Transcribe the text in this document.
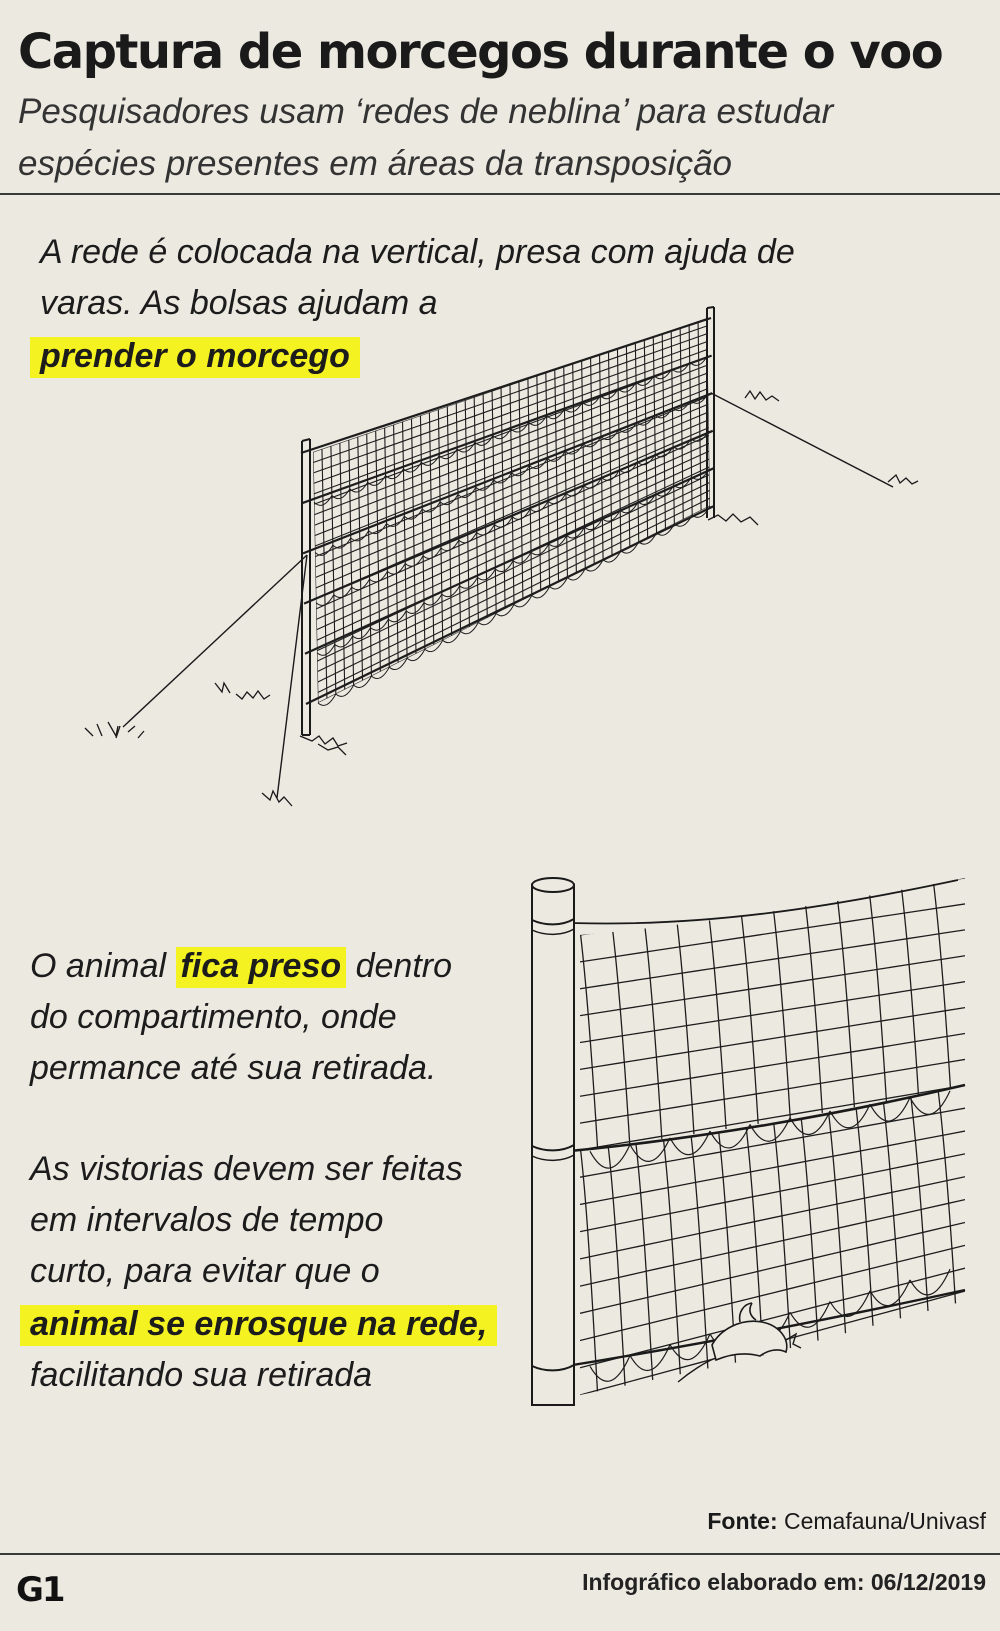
Captura de morcegos durante o voo
Pesquisadores usam ‘redes de neblina’ para estudar
espécies presentes em áreas da transposição
A rede é colocada na vertical, presa com ajuda de
varas. As bolsas ajudam a
prender o morcego
O animal fica preso dentro
do compartimento, onde
permance até sua retirada.
As vistorias devem ser feitas
em intervalos de tempo
curto, para evitar que o
animal se enrosque na rede,
facilitando sua retirada
Fonte: Cemafauna/Univasf
G1	Infográfico elaborado em: 06/12/2019
